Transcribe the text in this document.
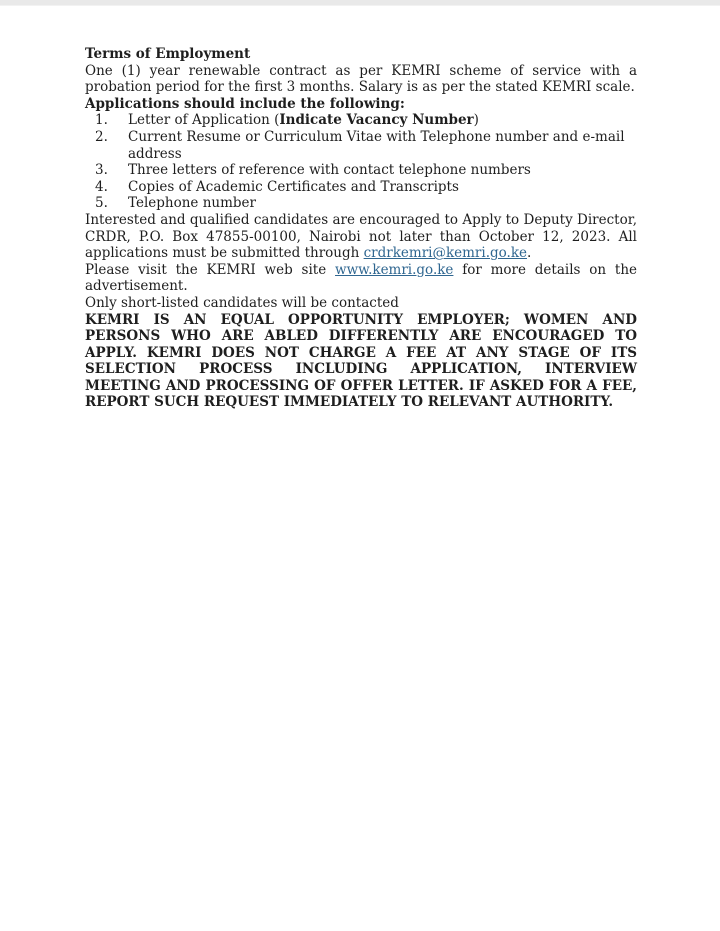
Terms of Employment

One (1) year renewable contract as per KEMRI scheme of service with a probation period for the first 3 months. Salary is as per the stated KEMRI scale.

Applications should include the following:
1.	Letter of Application (Indicate Vacancy Number)
2.	Current Resume or Curriculum Vitae with Telephone number and e-mail address
3.	Three letters of reference with contact telephone numbers
4.	Copies of Academic Certificates and Transcripts
5.	Telephone number

Interested and qualified candidates are encouraged to Apply to Deputy Director, CRDR, P.O. Box 47855-00100, Nairobi not later than October 12, 2023. All applications must be submitted through crdrkemri@kemri.go.ke.

Please visit the KEMRI web site www.kemri.go.ke for more details on the advertisement.

Only short-listed candidates will be contacted

KEMRI IS AN EQUAL OPPORTUNITY EMPLOYER; WOMEN AND PERSONS WHO ARE ABLED DIFFERENTLY ARE ENCOURAGED TO APPLY. KEMRI DOES NOT CHARGE A FEE AT ANY STAGE OF ITS SELECTION PROCESS INCLUDING APPLICATION, INTERVIEW MEETING AND PROCESSING OF OFFER LETTER. IF ASKED FOR A FEE, REPORT SUCH REQUEST IMMEDIATELY TO RELEVANT AUTHORITY.
